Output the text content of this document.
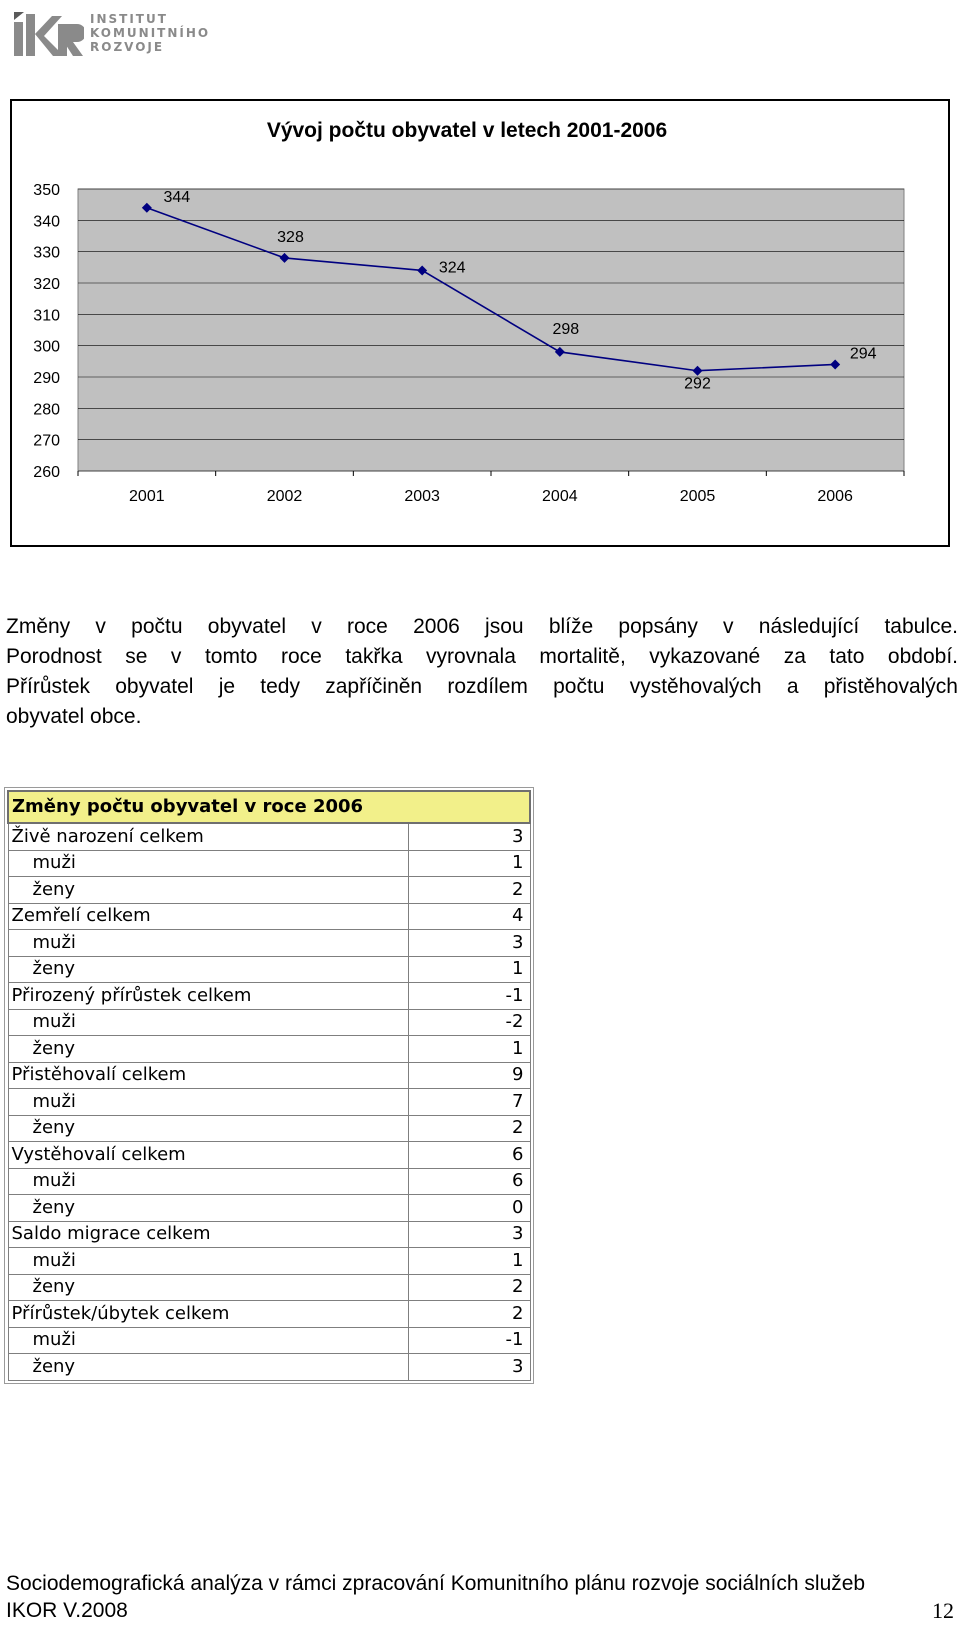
INSTITUT
KOMUNITNÍHO
ROZVOJE
Vývoj počtu obyvatel v letech 2001-2006
260
270
280
290
300
310
320
330
340
350
2001	2002	2003	2004	2005	2006
344
328
324
298
292
294
Změny v počtu obyvatel v roce 2006 jsou blíže popsány v následující tabulce.
Porodnost se v tomto roce takřka vyrovnala mortalitě, vykazované za tato období.
Přírůstek obyvatel je tedy zapříčiněn rozdílem počtu vystěhovalých a přistěhovalých
obyvatel obce.
Změny počtu obyvatel v roce 2006	
Živě narození celkem	3
muži	1
ženy	2
Zemřelí celkem	4
muži	3
ženy	1
Přirozený přírůstek celkem	-1
muži	-2
ženy	1
Přistěhovalí celkem	9
muži	7
ženy	2
Vystěhovalí celkem	6
muži	6
ženy	0
Saldo migrace celkem	3
muži	1
ženy	2
Přírůstek/úbytek celkem	2
muži	-1
ženy	3
Sociodemografická analýza v rámci zpracování Komunitního plánu rozvoje sociálních služeb
IKOR V.2008	12
